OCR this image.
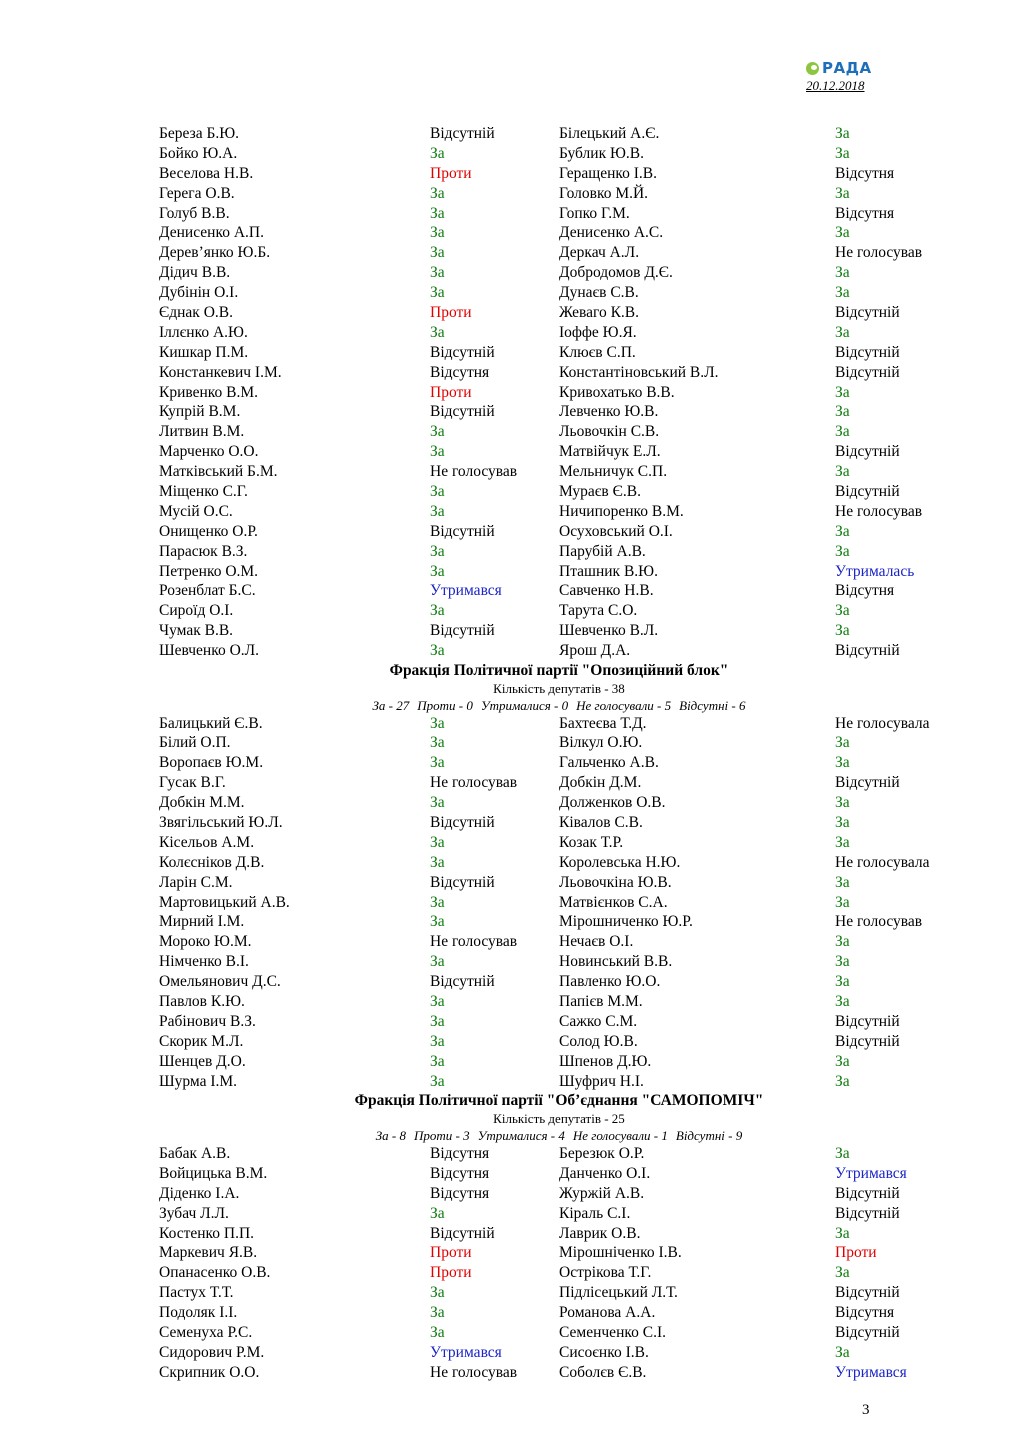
РАДА
20.12.2018
Береза Б.Ю.	Відсутній	Білецький А.Є.	За
Бойко Ю.А.	За	Бублик Ю.В.	За
Веселова Н.В.	Проти	Геращенко І.В.	Відсутня
Герега О.В.	За	Головко М.Й.	За
Голуб В.В.	За	Гопко Г.М.	Відсутня
Денисенко А.П.	За	Денисенко А.С.	За
Дерев’янко Ю.Б.	За	Деркач А.Л.	Не голосував
Дідич В.В.	За	Добродомов Д.Є.	За
Дубінін О.І.	За	Дунаєв С.В.	За
Єднак О.В.	Проти	Жеваго К.В.	Відсутній
Іллєнко А.Ю.	За	Іоффе Ю.Я.	За
Кишкар П.М.	Відсутній	Клюєв С.П.	Відсутній
Констанкевич І.М.	Відсутня	Константіновський В.Л.	Відсутній
Кривенко В.М.	Проти	Кривохатько В.В.	За
Купрій В.М.	Відсутній	Левченко Ю.В.	За
Литвин В.М.	За	Льовочкін С.В.	За
Марченко О.О.	За	Матвійчук Е.Л.	Відсутній
Матківський Б.М.	Не голосував	Мельничук С.П.	За
Міщенко С.Г.	За	Мураєв Є.В.	Відсутній
Мусій О.С.	За	Ничипоренко В.М.	Не голосував
Онищенко О.Р.	Відсутній	Осуховський О.І.	За
Парасюк В.З.	За	Парубій А.В.	За
Петренко О.М.	За	Пташник В.Ю.	Утрималась
Розенблат Б.С.	Утримався	Савченко Н.В.	Відсутня
Сироїд О.І.	За	Тарута С.О.	За
Чумак В.В.	Відсутній	Шевченко В.Л.	За
Шевченко О.Л.	За	Ярош Д.А.	Відсутній
Фракція Політичної партії "Опозиційний блок"
Кількість депутатів - 38
За - 27 Проти - 0 Утрималися - 0 Не голосували - 5 Відсутні - 6
Балицький Є.В.	За	Бахтеєва Т.Д.	Не голосувала
Білий О.П.	За	Вілкул О.Ю.	За
Воропаєв Ю.М.	За	Гальченко А.В.	За
Гусак В.Г.	Не голосував	Добкін Д.М.	Відсутній
Добкін М.М.	За	Долженков О.В.	За
Звягільський Ю.Л.	Відсутній	Ківалов С.В.	За
Кісельов А.М.	За	Козак Т.Р.	За
Колєсніков Д.В.	За	Королевська Н.Ю.	Не голосувала
Ларін С.М.	Відсутній	Льовочкіна Ю.В.	За
Мартовицький А.В.	За	Матвієнков С.А.	За
Мирний І.М.	За	Мірошниченко Ю.Р.	Не голосував
Мороко Ю.М.	Не голосував	Нечаєв О.І.	За
Німченко В.І.	За	Новинський В.В.	За
Омельянович Д.С.	Відсутній	Павленко Ю.О.	За
Павлов К.Ю.	За	Папієв М.М.	За
Рабінович В.З.	За	Сажко С.М.	Відсутній
Скорик М.Л.	За	Солод Ю.В.	Відсутній
Шенцев Д.О.	За	Шпенов Д.Ю.	За
Шурма І.М.	За	Шуфрич Н.І.	За
Фракція Політичної партії "Об’єднання "САМОПОМІЧ"
Кількість депутатів - 25
За - 8 Проти - 3 Утрималися - 4 Не голосували - 1 Відсутні - 9
Бабак А.В.	Відсутня	Березюк О.Р.	За
Войцицька В.М.	Відсутня	Данченко О.І.	Утримався
Діденко І.А.	Відсутня	Журжій А.В.	Відсутній
Зубач Л.Л.	За	Кіраль С.І.	Відсутній
Костенко П.П.	Відсутній	Лаврик О.В.	За
Маркевич Я.В.	Проти	Мірошніченко І.В.	Проти
Опанасенко О.В.	Проти	Острікова Т.Г.	За
Пастух Т.Т.	За	Підлісецький Л.Т.	Відсутній
Подоляк І.І.	За	Романова А.А.	Відсутня
Семенуха Р.С.	За	Семенченко С.І.	Відсутній
Сидорович Р.М.	Утримався	Сисоєнко І.В.	За
Скрипник О.О.	Не голосував	Соболєв Є.В.	Утримався
3
